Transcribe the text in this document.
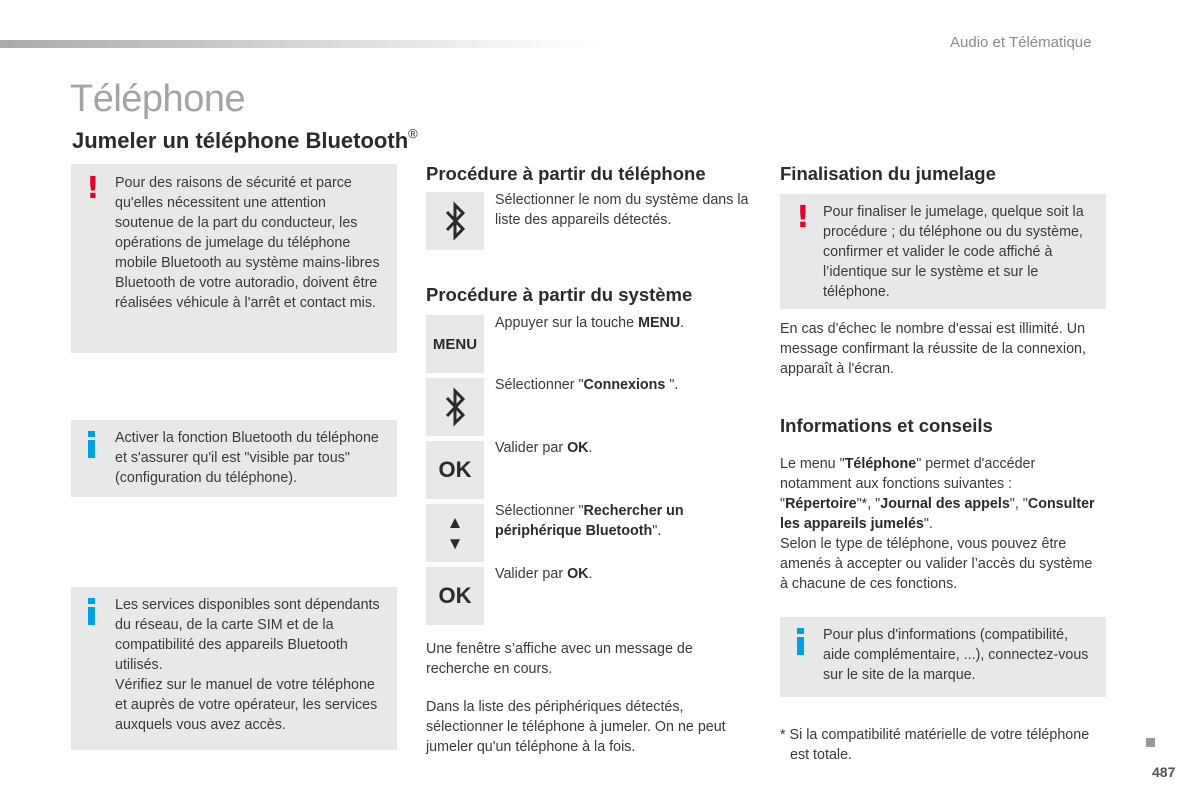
Audio et Télématique
Téléphone
Jumeler un téléphone Bluetooth®
! Pour des raisons de sécurité et parce qu'elles nécessitent une attention soutenue de la part du conducteur, les opérations de jumelage du téléphone mobile Bluetooth au système mains-libres Bluetooth de votre autoradio, doivent être réalisées véhicule à l'arrêt et contact mis.
Activer la fonction Bluetooth du téléphone et s'assurer qu'il est "visible par tous" (configuration du téléphone).
Les services disponibles sont dépendants du réseau, de la carte SIM et de la compatibilité des appareils Bluetooth utilisés.
Vérifiez sur le manuel de votre téléphone et auprès de votre opérateur, les services auxquels vous avez accès.
Procédure à partir du téléphone
Sélectionner le nom du système dans la liste des appareils détectés.
Procédure à partir du système
MENU
Appuyer sur la touche MENU.
Sélectionner "Connexions ".
OK
Valider par OK.
▲
▼
Sélectionner "Rechercher un périphérique Bluetooth".
OK
Valider par OK.
Une fenêtre s’affiche avec un message de recherche en cours.
Dans la liste des périphériques détectés, sélectionner le téléphone à jumeler. On ne peut jumeler qu'un téléphone à la fois.
Finalisation du jumelage
! Pour finaliser le jumelage, quelque soit la procédure ; du téléphone ou du système, confirmer et valider le code affiché à l’identique sur le système et sur le téléphone.
En cas d'échec le nombre d'essai est illimité. Un message confirmant la réussite de la connexion, apparaît à l'écran.
Informations et conseils
Le menu "Téléphone" permet d'accéder notamment aux fonctions suivantes : "Répertoire"*, "Journal des appels", "Consulter les appareils jumelés".
Selon le type de téléphone, vous pouvez être amenés à accepter ou valider l’accès du système à chacune de ces fonctions.
Pour plus d'informations (compatibilité, aide complémentaire, ...), connectez-vous sur le site de la marque.
* Si la compatibilité matérielle de votre téléphone est totale.
487
